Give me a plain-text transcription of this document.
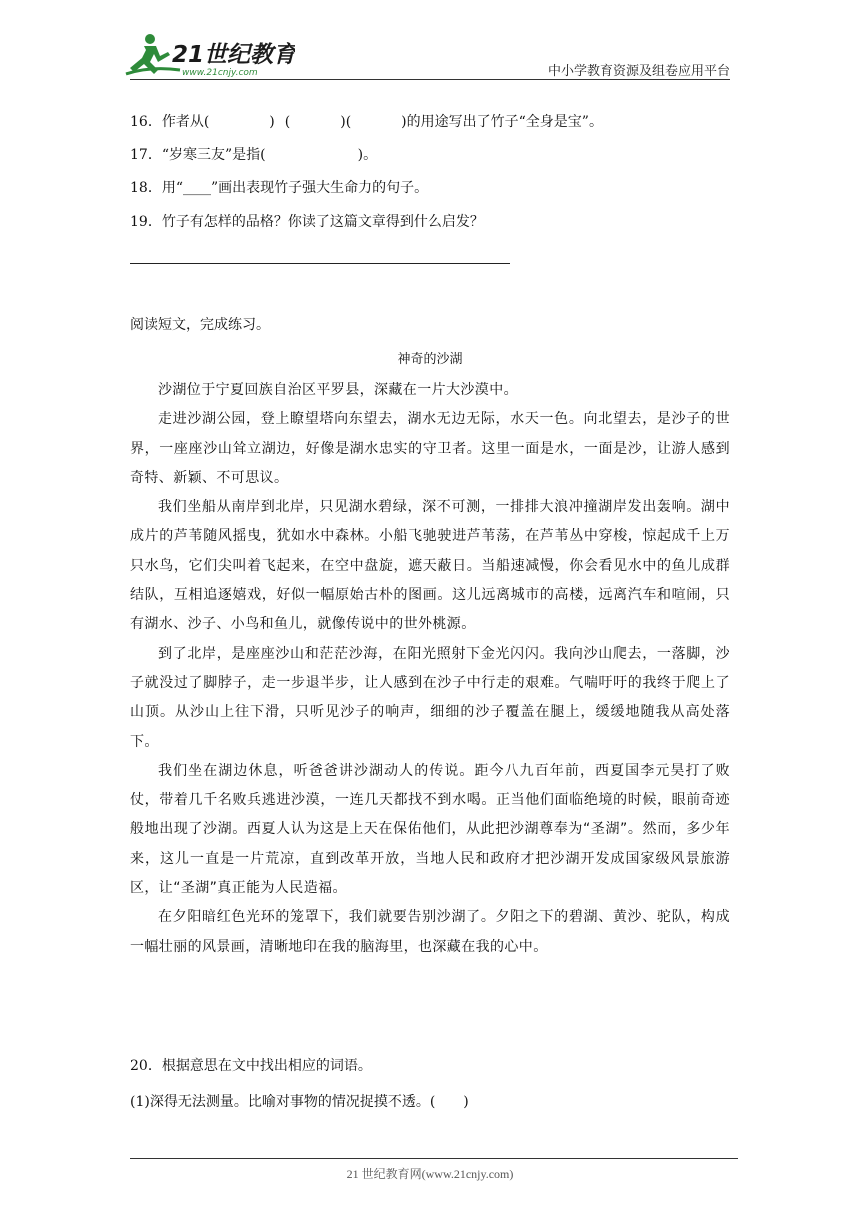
21世纪教育
www.21cnjy.com	中小学教育资源及组卷应用平台
16．作者从(	) (	)(	)的用途写出了竹子“全身是宝”。
17．“岁寒三友”是指(	)。
18．用“____”画出表现竹子强大生命力的句子。
19．竹子有怎样的品格？你读了这篇文章得到什么启发？
阅读短文，完成练习。
神奇的沙湖

沙湖位于宁夏回族自治区平罗县，深藏在一片大沙漠中。

走进沙湖公园，登上瞭望塔向东望去，湖水无边无际，水天一色。向北望去，是沙子的世界，一座座沙山耸立湖边，好像是湖水忠实的守卫者。这里一面是水，一面是沙，让游人感到奇特、新颖、不可思议。

我们坐船从南岸到北岸，只见湖水碧绿，深不可测，一排排大浪冲撞湖岸发出轰响。湖中成片的芦苇随风摇曳，犹如水中森林。小船飞驰驶进芦苇荡，在芦苇丛中穿梭，惊起成千上万只水鸟，它们尖叫着飞起来，在空中盘旋，遮天蔽日。当船速减慢，你会看见水中的鱼儿成群结队，互相追逐嬉戏，好似一幅原始古朴的图画。这儿远离城市的高楼，远离汽车和喧闹，只有湖水、沙子、小鸟和鱼儿，就像传说中的世外桃源。

到了北岸，是座座沙山和茫茫沙海，在阳光照射下金光闪闪。我向沙山爬去，一落脚，沙子就没过了脚脖子，走一步退半步，让人感到在沙子中行走的艰难。气喘吁吁的我终于爬上了山顶。从沙山上往下滑，只听见沙子的响声，细细的沙子覆盖在腿上，缓缓地随我从高处落下。

我们坐在湖边休息，听爸爸讲沙湖动人的传说。距今八九百年前，西夏国李元昊打了败仗，带着几千名败兵逃进沙漠，一连几天都找不到水喝。正当他们面临绝境的时候，眼前奇迹般地出现了沙湖。西夏人认为这是上天在保佑他们，从此把沙湖尊奉为“圣湖”。然而，多少年来，这儿一直是一片荒凉，直到改革开放，当地人民和政府才把沙湖开发成国家级风景旅游区，让“圣湖”真正能为人民造福。

在夕阳暗红色光环的笼罩下，我们就要告别沙湖了。夕阳之下的碧湖、黄沙、驼队，构成一幅壮丽的风景画，清晰地印在我的脑海里，也深藏在我的心中。

20．根据意思在文中找出相应的词语。
(1)深得无法测量。比喻对事物的情况捉摸不透。(　　)
21 世纪教育网(www.21cnjy.com)
